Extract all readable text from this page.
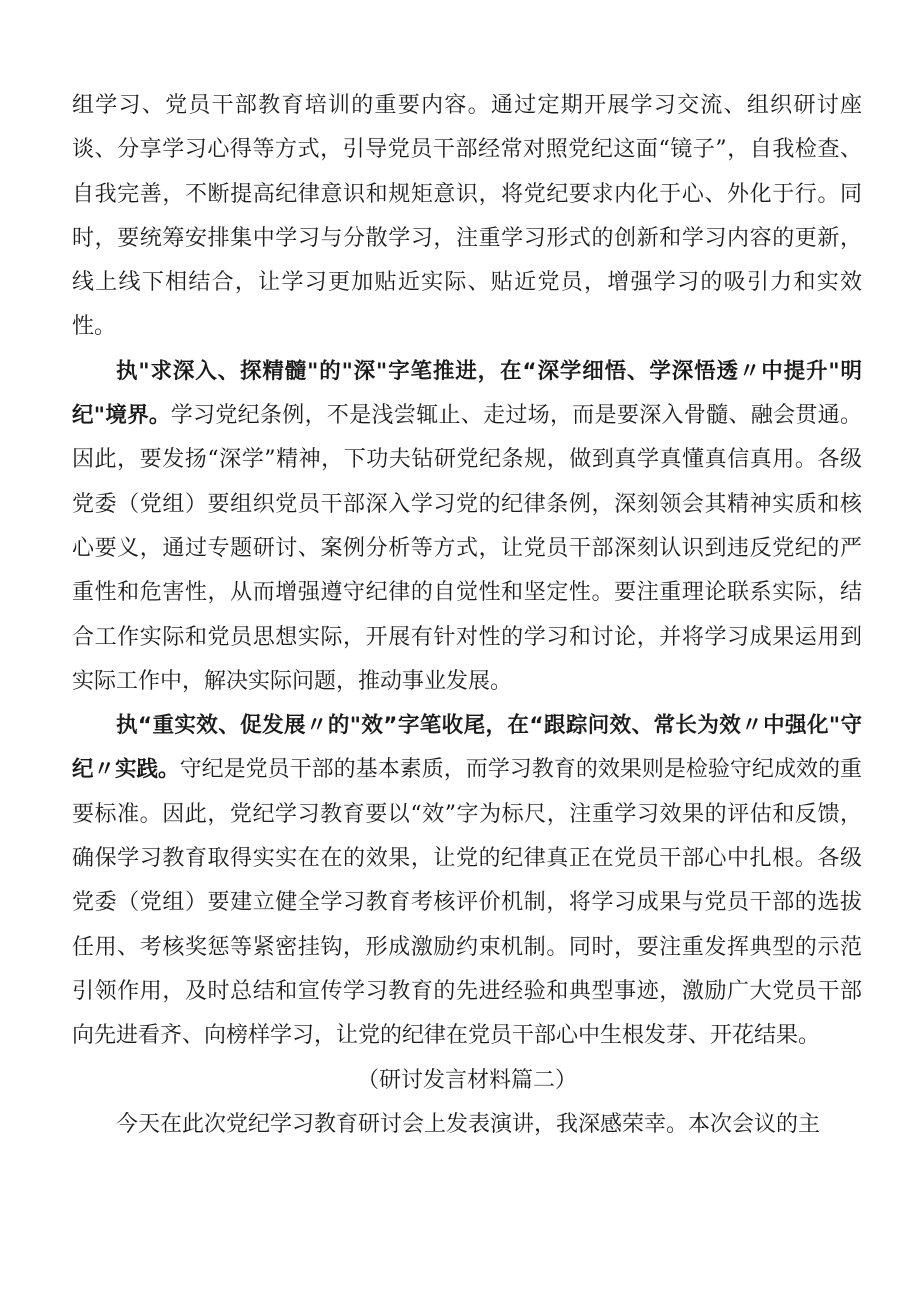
组学习、党员干部教育培训的重要内容。通过定期开展学习交流、组织研讨座谈、分享学习心得等方式，引导党员干部经常对照党纪这面“镜子”，自我检查、自我完善，不断提高纪律意识和规矩意识，将党纪要求内化于心、外化于行。同时，要统筹安排集中学习与分散学习，注重学习形式的创新和学习内容的更新，线上线下相结合，让学习更加贴近实际、贴近党员，增强学习的吸引力和实效性。

执"求深入、探精髓"的"深"字笔推进，在“深学细悟、学深悟透〃中提升"明纪"境界。学习党纪条例，不是浅尝辄止、走过场，而是要深入骨髓、融会贯通。因此，要发扬“深学”精神，下功夫钻研党纪条规，做到真学真懂真信真用。各级党委（党组）要组织党员干部深入学习党的纪律条例，深刻领会其精神实质和核心要义，通过专题研讨、案例分析等方式，让党员干部深刻认识到违反党纪的严重性和危害性，从而增强遵守纪律的自觉性和坚定性。要注重理论联系实际，结合工作实际和党员思想实际，开展有针对性的学习和讨论，并将学习成果运用到实际工作中，解决实际问题，推动事业发展。

执“重实效、促发展〃的"效”字笔收尾，在“跟踪问效、常长为效〃中强化"守纪〃实践。守纪是党员干部的基本素质，而学习教育的效果则是检验守纪成效的重要标准。因此，党纪学习教育要以“效”字为标尺，注重学习效果的评估和反馈，确保学习教育取得实实在在的效果，让党的纪律真正在党员干部心中扎根。各级党委（党组）要建立健全学习教育考核评价机制，将学习成果与党员干部的选拔任用、考核奖惩等紧密挂钩，形成激励约束机制。同时，要注重发挥典型的示范引领作用，及时总结和宣传学习教育的先进经验和典型事迹，激励广大党员干部向先进看齐、向榜样学习，让党的纪律在党员干部心中生根发芽、开花结果。

（研讨发言材料篇二）

今天在此次党纪学习教育研讨会上发表演讲，我深感荣幸。本次会议的主
